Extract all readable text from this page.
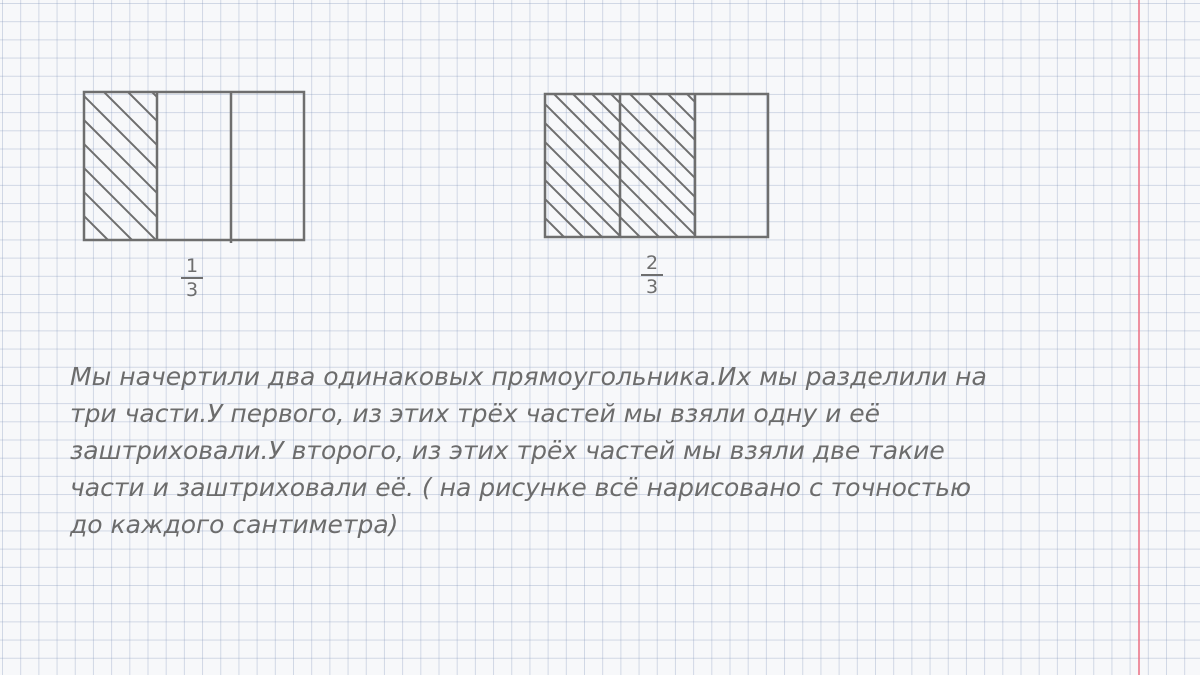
1
3
2
3

Мы начертили два одинаковых прямоугольника.Их мы разделили на
три части.У первого, из этих трёх частей мы взяли одну и её
заштриховали.У второго, из этих трёх частей мы взяли две такие
части и заштриховали её. ( на рисунке всё нарисовано с точностью
до каждого сантиметра)
